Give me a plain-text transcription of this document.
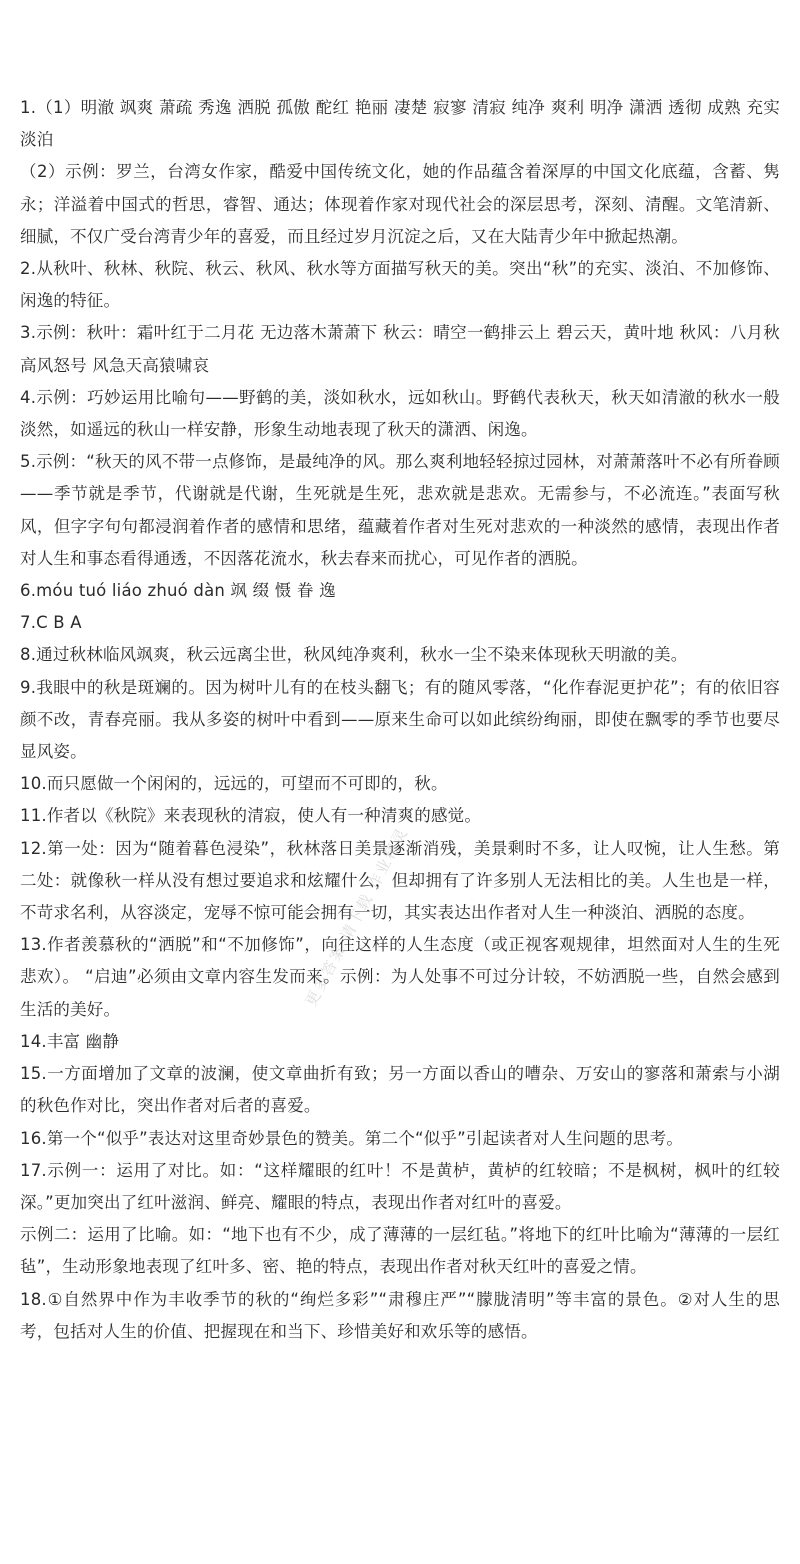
1.（1）明澈 飒爽 萧疏 秀逸 洒脱 孤傲 酡红 艳丽 凄楚 寂寥 清寂 纯净 爽利 明净 潇洒 透彻 成熟 充实 淡泊

（2）示例：罗兰，台湾女作家，酷爱中国传统文化，她的作品蕴含着深厚的中国文化底蕴，含蓄、隽永；洋溢着中国式的哲思，睿智、通达；体现着作家对现代社会的深层思考，深刻、清醒。文笔清新、细腻，不仅广受台湾青少年的喜爱，而且经过岁月沉淀之后，又在大陆青少年中掀起热潮。

2.从秋叶、秋林、秋院、秋云、秋风、秋水等方面描写秋天的美。突出“秋”的充实、淡泊、不加修饰、闲逸的特征。

3.示例：秋叶：霜叶红于二月花 无边落木萧萧下 秋云：晴空一鹤排云上 碧云天，黄叶地 秋风：八月秋高风怒号 风急天高猿啸哀

4.示例：巧妙运用比喻句——野鹤的美，淡如秋水，远如秋山。野鹤代表秋天，秋天如清澈的秋水一般淡然，如遥远的秋山一样安静，形象生动地表现了秋天的潇洒、闲逸。

5.示例：“秋天的风不带一点修饰，是最纯净的风。那么爽利地轻轻掠过园林，对萧萧落叶不必有所眷顾——季节就是季节，代谢就是代谢，生死就是生死，悲欢就是悲欢。无需参与，不必流连。”表面写秋风，但字字句句都浸润着作者的感情和思绪，蕴藏着作者对生死对悲欢的一种淡然的感情，表现出作者对人生和事态看得通透，不因落花流水，秋去春来而扰心，可见作者的洒脱。

6.móu tuó liáo zhuó dàn 飒 缀 慑 眷 逸

7.C B A

8.通过秋林临风飒爽，秋云远离尘世，秋风纯净爽利，秋水一尘不染来体现秋天明澈的美。

9.我眼中的秋是斑斓的。因为树叶儿有的在枝头翻飞；有的随风零落，“化作春泥更护花”；有的依旧容颜不改，青春亮丽。我从多姿的树叶中看到——原来生命可以如此缤纷绚丽，即使在飘零的季节也要尽显风姿。

10.而只愿做一个闲闲的，远远的，可望而不可即的，秋。

11.作者以《秋院》来表现秋的清寂，使人有一种清爽的感觉。

12.第一处：因为“随着暮色浸染”，秋林落日美景逐渐消残，美景剩时不多，让人叹惋，让人生愁。第二处：就像秋一样从没有想过要追求和炫耀什么，但却拥有了许多别人无法相比的美。人生也是一样，不苛求名利，从容淡定，宠辱不惊可能会拥有一切，其实表达出作者对人生一种淡泊、洒脱的态度。

13.作者羡慕秋的“洒脱”和“不加修饰”，向往这样的人生态度（或正视客观规律，坦然面对人生的生死悲欢）。 “启迪”必须由文章内容生发而来。示例：为人处事不可过分计较，不妨洒脱一些，自然会感到生活的美好。

14.丰富 幽静

15.一方面增加了文章的波澜，使文章曲折有致；另一方面以香山的嘈杂、万安山的寥落和萧索与小湖的秋色作对比，突出作者对后者的喜爱。

16.第一个“似乎”表达对这里奇妙景色的赞美。第二个“似乎”引起读者对人生问题的思考。

17.示例一：运用了对比。如：“这样耀眼的红叶！不是黄栌，黄栌的红较暗；不是枫树，枫叶的红较深。”更加突出了红叶滋润、鲜亮、耀眼的特点，表现出作者对红叶的喜爱。

示例二：运用了比喻。如：“地下也有不少，成了薄薄的一层红毡。”将地下的红叶比喻为“薄薄的一层红毡”，生动形象地表现了红叶多、密、艳的特点，表现出作者对秋天红叶的喜爱之情。

18.①自然界中作为丰收季节的秋的“绚烂多彩”“肃穆庄严”“朦胧清明”等丰富的景色。②对人生的思考，包括对人生的价值、把握现在和当下、珍惜美好和欢乐等的感悟。

更多答案 请下载 作业精灵
